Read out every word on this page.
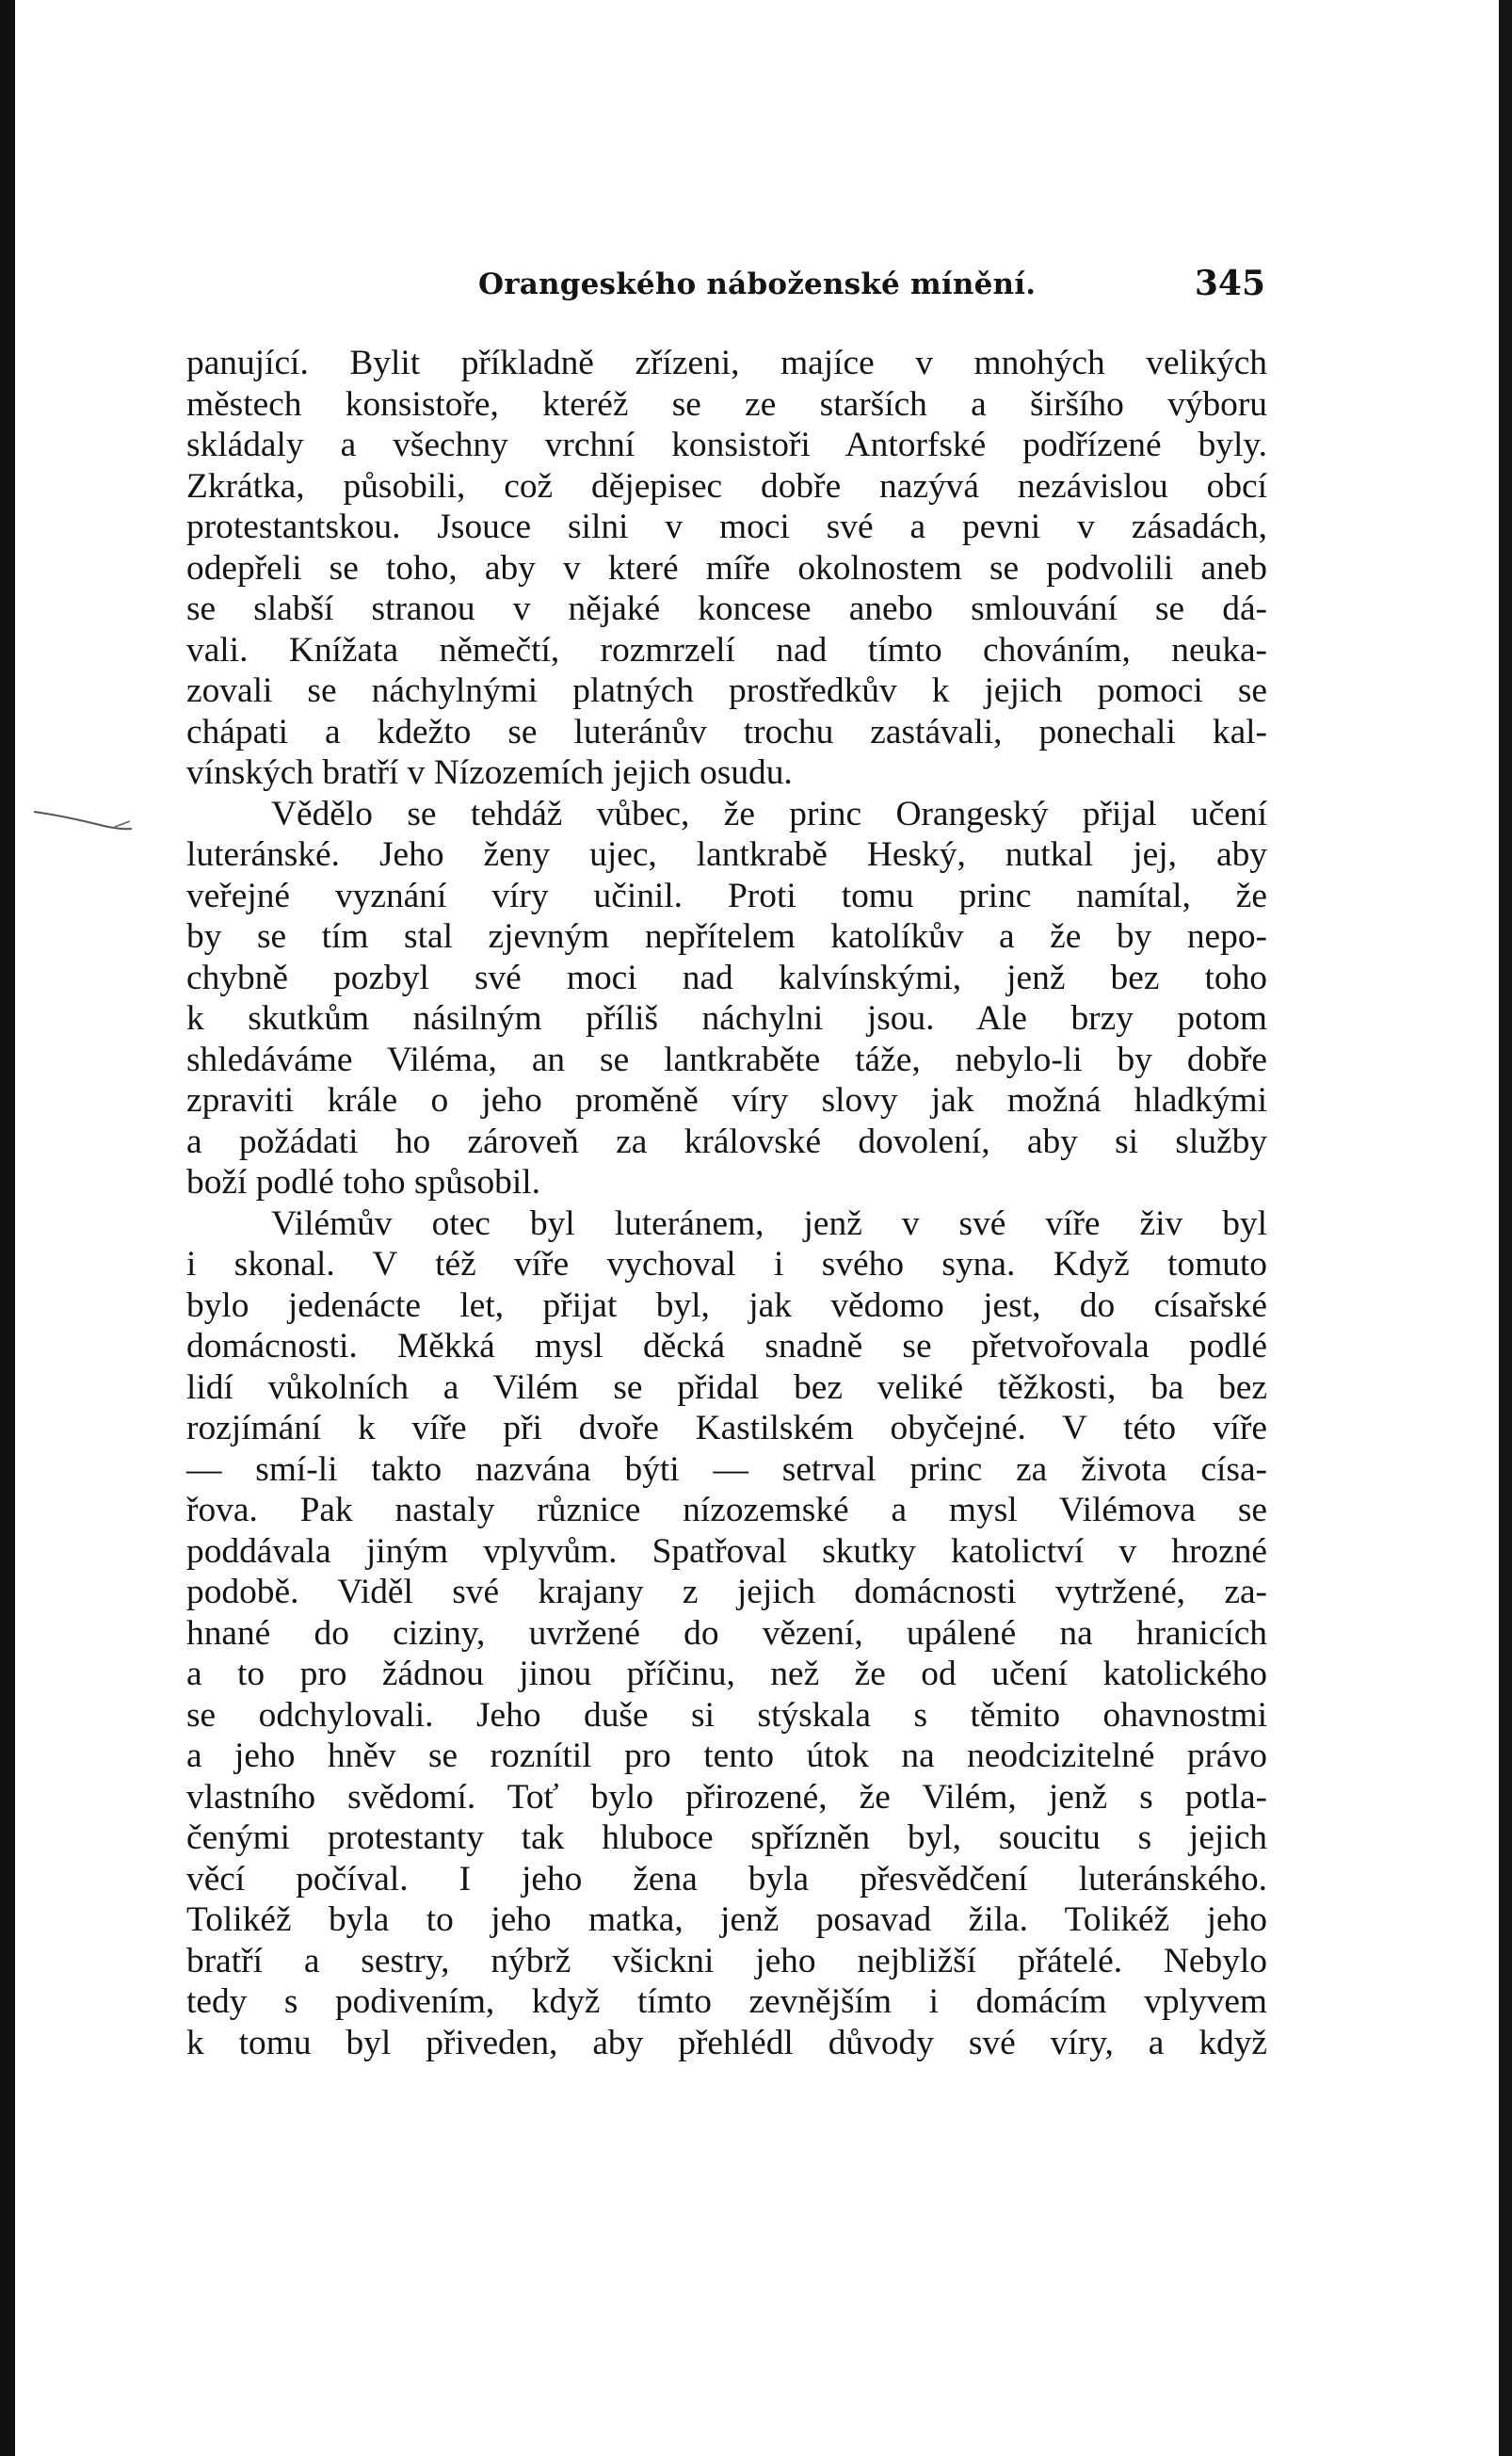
Orangeského náboženské mínění.	345
panující. Bylit příkladně zřízeni, majíce v mnohých velikých
městech konsistoře, kteréž se ze starších a širšího výboru
skládaly a všechny vrchní konsistoři Antorfské podřízené byly.
Zkrátka, působili, což dějepisec dobře nazývá nezávislou obcí
protestantskou. Jsouce silni v moci své a pevni v zásadách,
odepřeli se toho, aby v které míře okolnostem se podvolili aneb
se slabší stranou v nějaké koncese anebo smlouvání se dá-
vali. Knížata němečtí, rozmrzelí nad tímto chováním, neuka-
zovali se náchylnými platných prostředkův k jejich pomoci se
chápati a kdežto se luteránův trochu zastávali, ponechali kal-
vínských bratří v Nízozemích jejich osudu.
Vědělo se tehdáž vůbec, že princ Orangeský přijal učení
luteránské. Jeho ženy ujec, lantkrabě Heský, nutkal jej, aby
veřejné vyznání víry učinil. Proti tomu princ namítal, že
by se tím stal zjevným nepřítelem katolíkův a že by nepo-
chybně pozbyl své moci nad kalvínskými, jenž bez toho
k skutkům násilným příliš náchylni jsou. Ale brzy potom
shledáváme Viléma, an se lantkraběte táže, nebylo-li by dobře
zpraviti krále o jeho proměně víry slovy jak možná hladkými
a požádati ho zároveň za královské dovolení, aby si služby
boží podlé toho spůsobil.
Vilémův otec byl luteránem, jenž v své víře živ byl
i skonal. V též víře vychoval i svého syna. Když tomuto
bylo jedenácte let, přijat byl, jak vědomo jest, do císařské
domácnosti. Měkká mysl děcká snadně se přetvořovala podlé
lidí vůkolních a Vilém se přidal bez veliké těžkosti, ba bez
rozjímání k víře při dvoře Kastilském obyčejné. V této víře
— smí-li takto nazvána býti — setrval princ za života císa-
řova. Pak nastaly různice nízozemské a mysl Vilémova se
poddávala jiným vplyvům. Spatřoval skutky katolictví v hrozné
podobě. Viděl své krajany z jejich domácnosti vytržené, za-
hnané do ciziny, uvržené do vězení, upálené na hranicích
a to pro žádnou jinou příčinu, než že od učení katolického
se odchylovali. Jeho duše si stýskala s těmito ohavnostmi
a jeho hněv se roznítil pro tento útok na neodcizitelné právo
vlastního svědomí. Toť bylo přirozené, že Vilém, jenž s potla-
čenými protestanty tak hluboce spřízněn byl, soucitu s jejich
věcí počíval. I jeho žena byla přesvědčení luteránského.
Tolikéž byla to jeho matka, jenž posavad žila. Tolikéž jeho
bratří a sestry, nýbrž všickni jeho nejbližší přátelé. Nebylo
tedy s podivením, když tímto zevnějším i domácím vplyvem
k tomu byl přiveden, aby přehlédl důvody své víry, a když
